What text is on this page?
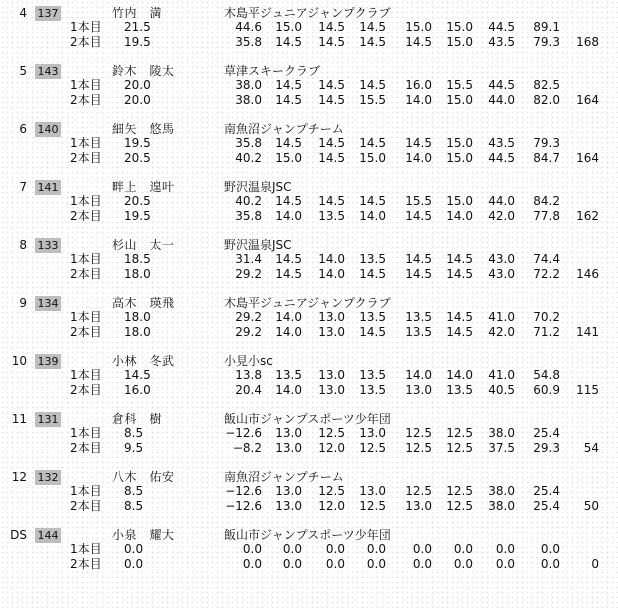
4 137	竹内　満	木島平ジュニアジャンプクラブ
1本目 21.5	44.6	15.0	14.5	14.5	15.0	15.0	44.5	89.1
2本目 19.5	35.8	14.5	14.5	14.5	14.5	15.0	43.5	79.3	168
5 143	鈴木　陵太	草津スキークラブ
1本目 20.0	38.0	14.5	14.5	14.5	16.0	15.5	44.5	82.5
2本目 20.0	38.0	14.5	14.5	15.5	14.0	15.0	44.0	82.0	164
6 140	細矢　悠馬	南魚沼ジャンプチーム
1本目 19.5	35.8	14.5	14.5	14.5	14.5	15.0	43.5	79.3
2本目 20.5	40.2	15.0	14.5	15.0	14.0	15.0	44.5	84.7	164
7 141	畔上　遑叶	野沢温泉JSC
1本目 20.5	40.2	14.5	14.5	14.5	15.5	15.0	44.0	84.2
2本目 19.5	35.8	14.0	13.5	14.0	14.5	14.0	42.0	77.8	162
8 133	杉山　太一	野沢温泉JSC
1本目 18.5	31.4	14.5	14.0	13.5	14.5	14.5	43.0	74.4
2本目 18.0	29.2	14.5	14.0	14.5	14.5	14.5	43.0	72.2	146
9 134	高木　瑛飛	木島平ジュニアジャンプクラブ
1本目 18.0	29.2	14.0	13.0	13.5	13.5	14.5	41.0	70.2
2本目 18.0	29.2	14.0	13.0	14.5	13.5	14.5	42.0	71.2	141
10 139	小林　冬武	小見小sc
1本目 14.5	13.8	13.5	13.0	13.5	14.0	14.0	41.0	54.8
2本目 16.0	20.4	14.0	13.0	13.5	13.0	13.5	40.5	60.9	115
11 131	倉科　樹	飯山市ジャンプスポーツ少年団
1本目 8.5	−12.6	13.0	12.5	13.0	12.5	12.5	38.0	25.4
2本目 9.5	−8.2	13.0	12.0	12.5	12.5	12.5	37.5	29.3	54
12 132	八木　佑安	南魚沼ジャンプチーム
1本目 8.5	−12.6	13.0	12.5	13.0	12.5	12.5	38.0	25.4
2本目 8.5	−12.6	13.0	12.0	12.5	13.0	12.5	38.0	25.4	50
DS 144	小泉　耀大	飯山市ジャンプスポーツ少年団
1本目 0.0	0.0	0.0	0.0	0.0	0.0	0.0	0.0	0.0
2本目 0.0	0.0	0.0	0.0	0.0	0.0	0.0	0.0	0.0	0
